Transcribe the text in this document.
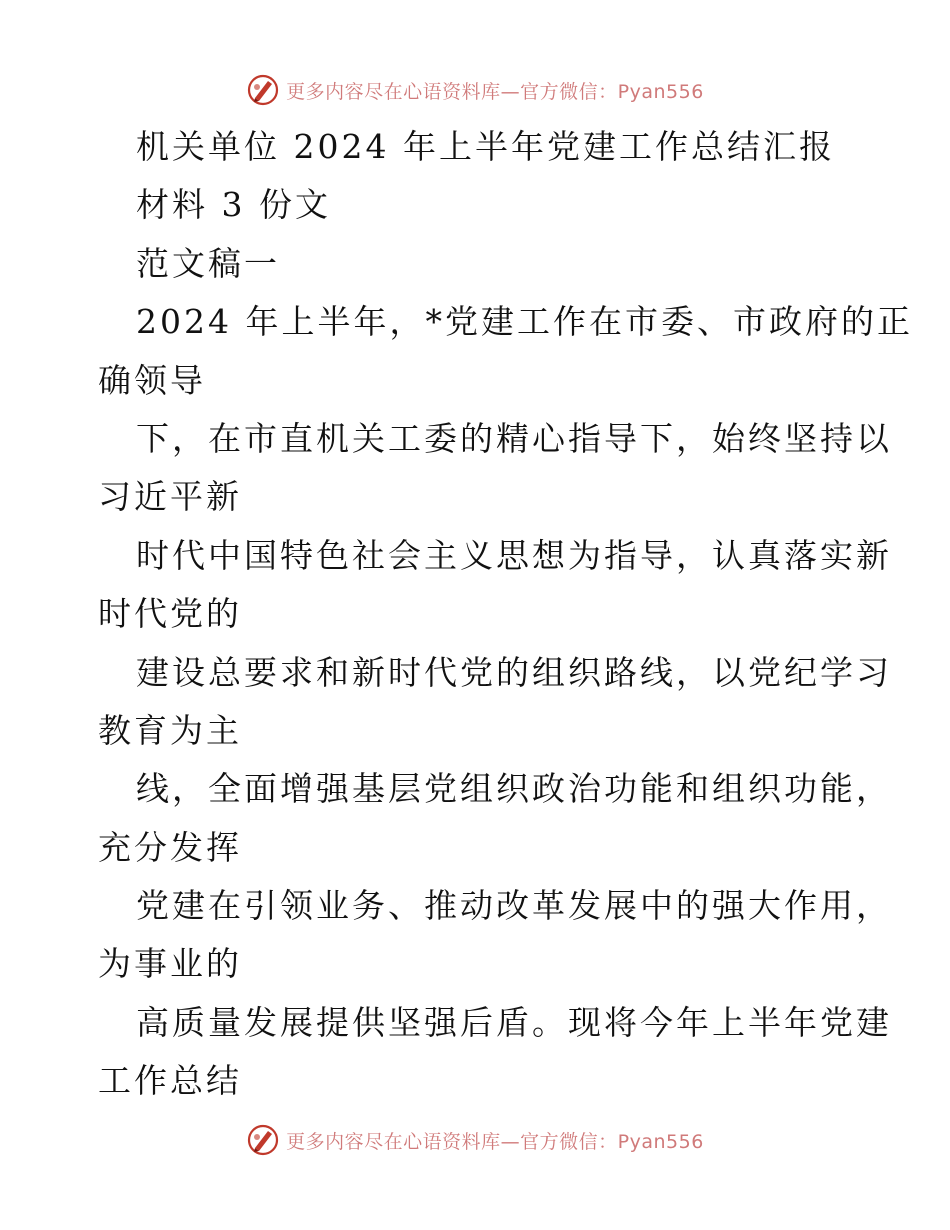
更多内容尽在心语资料库—官方微信：Pyan556

机关单位 2024 年上半年党建工作总结汇报

材料 3 份文

范文稿一

2024 年上半年，*党建工作在市委、市政府的正

确领导

下，在市直机关工委的精心指导下，始终坚持以

习近平新

时代中国特色社会主义思想为指导，认真落实新

时代党的

建设总要求和新时代党的组织路线，以党纪学习

教育为主

线，全面增强基层党组织政治功能和组织功能，

充分发挥

党建在引领业务、推动改革发展中的强大作用，

为事业的

高质量发展提供坚强后盾。现将今年上半年党建

工作总结

更多内容尽在心语资料库—官方微信：Pyan556
